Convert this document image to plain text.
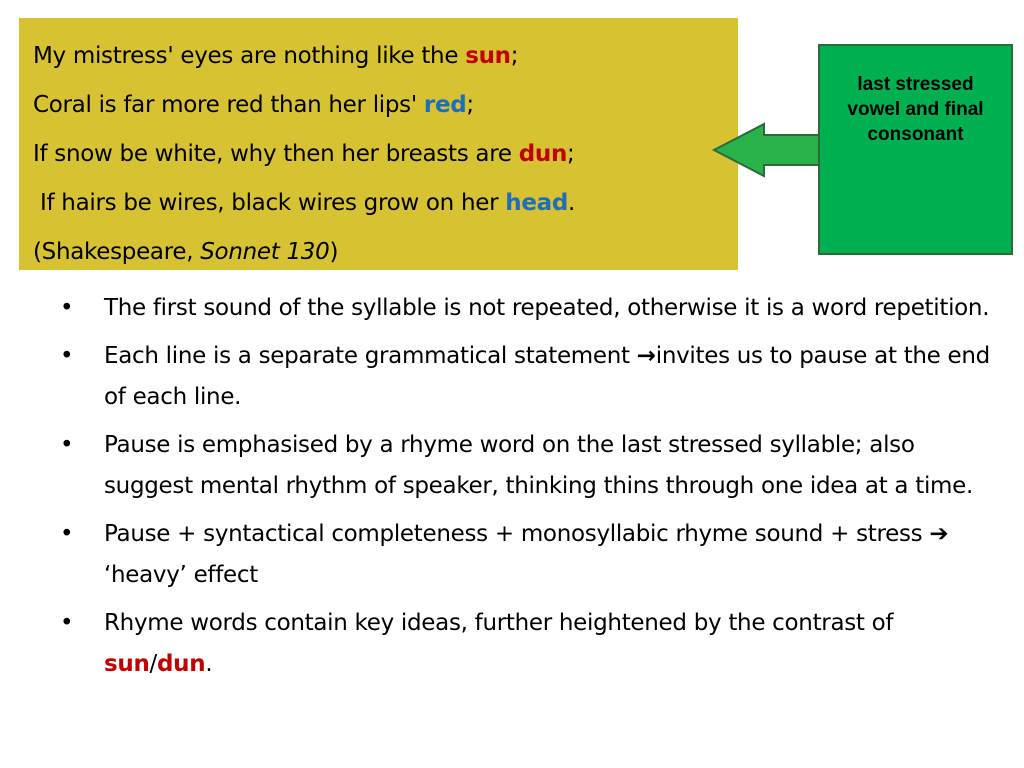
My mistress' eyes are nothing like the sun;
Coral is far more red than her lips' red;
If snow be white, why then her breasts are dun;
If hairs be wires, black wires grow on her head.
(Shakespeare, Sonnet 130)
last stressed vowel and final consonant
• The first sound of the syllable is not repeated, otherwise it is a word repetition.
• Each line is a separate grammatical statement →invites us to pause at the end of each line.
• Pause is emphasised by a rhyme word on the last stressed syllable; also suggest mental rhythm of speaker, thinking thins through one idea at a time.
• Pause + syntactical completeness + monosyllabic rhyme sound + stress ➔ ‘heavy’ effect
• Rhyme words contain key ideas, further heightened by the contrast of sun/dun.
